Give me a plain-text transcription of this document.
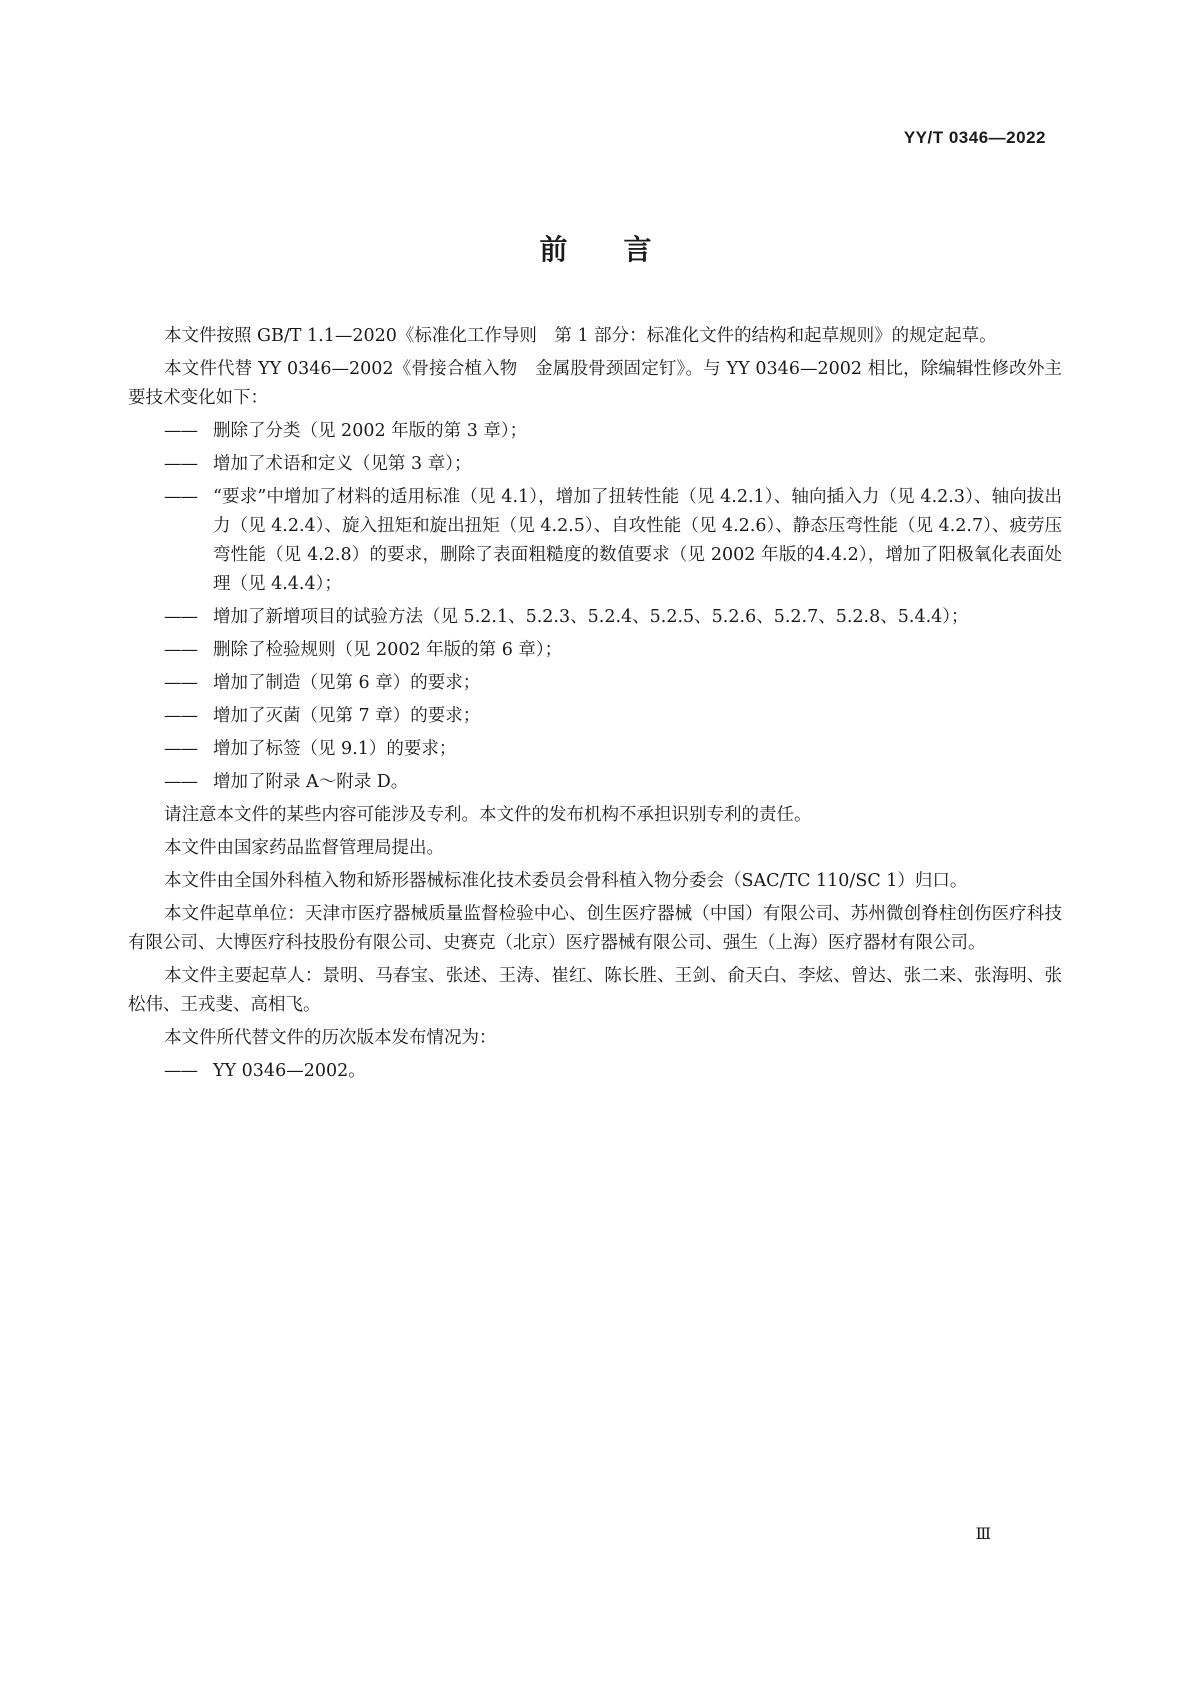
YY/T 0346—2022
前言

本文件按照 GB/T 1.1—2020《标准化工作导则　第 1 部分：标准化文件的结构和起草规则》的规定起草。

本文件代替 YY 0346—2002《骨接合植入物　金属股骨颈固定钉》。与 YY 0346—2002 相比，除编辑性修改外主要技术变化如下：

—— 删除了分类（见 2002 年版的第 3 章）；
—— 增加了术语和定义（见第 3 章）；
—— “要求”中增加了材料的适用标准（见 4.1），增加了扭转性能（见 4.2.1）、轴向插入力（见 4.2.3）、轴向拔出力（见 4.2.4）、旋入扭矩和旋出扭矩（见 4.2.5）、自攻性能（见 4.2.6）、静态压弯性能（见 4.2.7）、疲劳压弯性能（见 4.2.8）的要求，删除了表面粗糙度的数值要求（见 2002 年版的4.4.2），增加了阳极氧化表面处理（见 4.4.4）；
—— 增加了新增项目的试验方法（见 5.2.1、5.2.3、5.2.4、5.2.5、5.2.6、5.2.7、5.2.8、5.4.4）；
—— 删除了检验规则（见 2002 年版的第 6 章）；
—— 增加了制造（见第 6 章）的要求；
—— 增加了灭菌（见第 7 章）的要求；
—— 增加了标签（见 9.1）的要求；
—— 增加了附录 A～附录 D。

请注意本文件的某些内容可能涉及专利。本文件的发布机构不承担识别专利的责任。

本文件由国家药品监督管理局提出。

本文件由全国外科植入物和矫形器械标准化技术委员会骨科植入物分委会（SAC/TC 110/SC 1）归口。

本文件起草单位：天津市医疗器械质量监督检验中心、创生医疗器械（中国）有限公司、苏州微创脊柱创伤医疗科技有限公司、大博医疗科技股份有限公司、史赛克（北京）医疗器械有限公司、强生（上海）医疗器材有限公司。

本文件主要起草人：景明、马春宝、张述、王涛、崔红、陈长胜、王剑、俞天白、李炫、曾达、张二来、张海明、张松伟、王戎斐、高相飞。

本文件所代替文件的历次版本发布情况为：

—— YY 0346—2002。
Ⅲ
